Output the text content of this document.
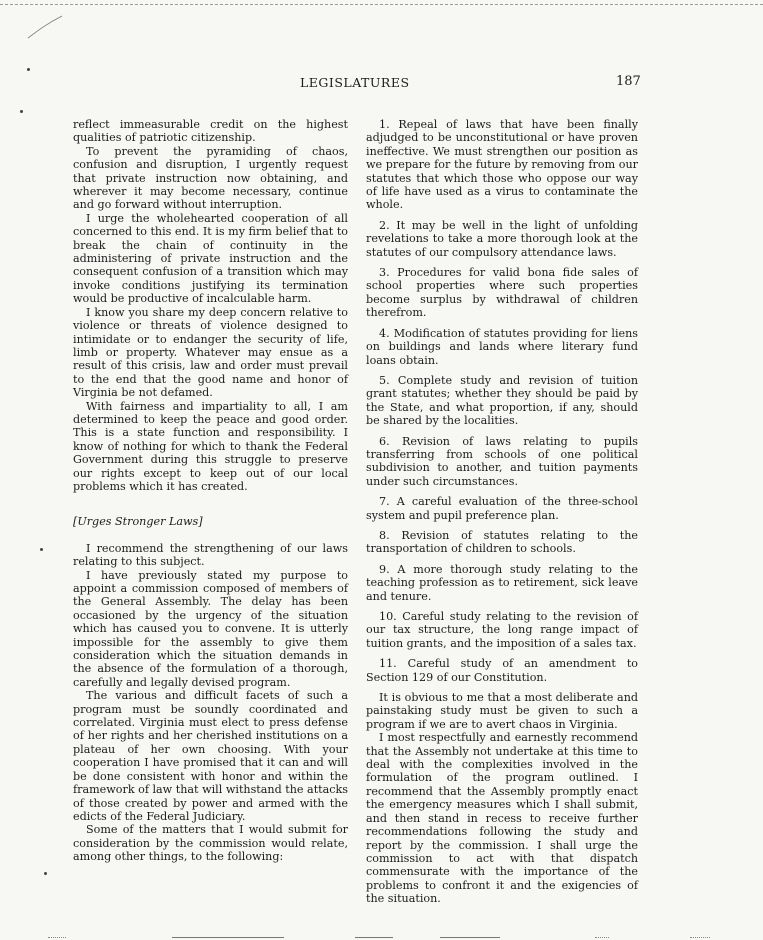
LEGISLATURES	187

reflect immeasurable credit on the highest qualities of patriotic citizenship.

To prevent the pyramiding of chaos, confusion and disruption, I urgently request that private instruction now obtaining, and wherever it may become necessary, continue and go forward without interruption.

I urge the wholehearted cooperation of all concerned to this end. It is my firm belief that to break the chain of continuity in the administering of private instruction and the consequent confusion of a transition which may invoke conditions justifying its termination would be productive of incalculable harm.

I know you share my deep concern relative to violence or threats of violence designed to intimidate or to endanger the security of life, limb or property. Whatever may ensue as a result of this crisis, law and order must prevail to the end that the good name and honor of Virginia be not defamed.

With fairness and impartiality to all, I am determined to keep the peace and good order. This is a state function and responsibility. I know of nothing for which to thank the Federal Government during this struggle to preserve our rights except to keep out of our local problems which it has created.

[Urges Stronger Laws]

I recommend the strengthening of our laws relating to this subject.

I have previously stated my purpose to appoint a commission composed of members of the General Assembly. The delay has been occasioned by the urgency of the situation which has caused you to convene. It is utterly impossible for the assembly to give them consideration which the situation demands in the absence of the formulation of a thorough, carefully and legally devised program.

The various and difficult facets of such a program must be soundly coordinated and correlated. Virginia must elect to press defense of her rights and her cherished institutions on a plateau of her own choosing. With your cooperation I have promised that it can and will be done consistent with honor and within the framework of law that will withstand the attacks of those created by power and armed with the edicts of the Federal Judiciary.

Some of the matters that I would submit for consideration by the commission would relate, among other things, to the following:

1. Repeal of laws that have been finally adjudged to be unconstitutional or have proven ineffective. We must strengthen our position as we prepare for the future by removing from our statutes that which those who oppose our way of life have used as a virus to contaminate the whole.

2. It may be well in the light of unfolding revelations to take a more thorough look at the statutes of our compulsory attendance laws.

3. Procedures for valid bona fide sales of school properties where such properties become surplus by withdrawal of children therefrom.

4. Modification of statutes providing for liens on buildings and lands where literary fund loans obtain.

5. Complete study and revision of tuition grant statutes; whether they should be paid by the State, and what proportion, if any, should be shared by the localities.

6. Revision of laws relating to pupils transferring from schools of one political subdivision to another, and tuition payments under such circumstances.

7. A careful evaluation of the three-school system and pupil preference plan.

8. Revision of statutes relating to the transportation of children to schools.

9. A more thorough study relating to the teaching profession as to retirement, sick leave and tenure.

10. Careful study relating to the revision of our tax structure, the long range impact of tuition grants, and the imposition of a sales tax.

11. Careful study of an amendment to Section 129 of our Constitution.

It is obvious to me that a most deliberate and painstaking study must be given to such a program if we are to avert chaos in Virginia.

I most respectfully and earnestly recommend that the Assembly not undertake at this time to deal with the complexities involved in the formulation of the program outlined. I recommend that the Assembly promptly enact the emergency measures which I shall submit, and then stand in recess to receive further recommendations following the study and report by the commission. I shall urge the commission to act with that dispatch commensurate with the importance of the problems to confront it and the exigencies of the situation.
